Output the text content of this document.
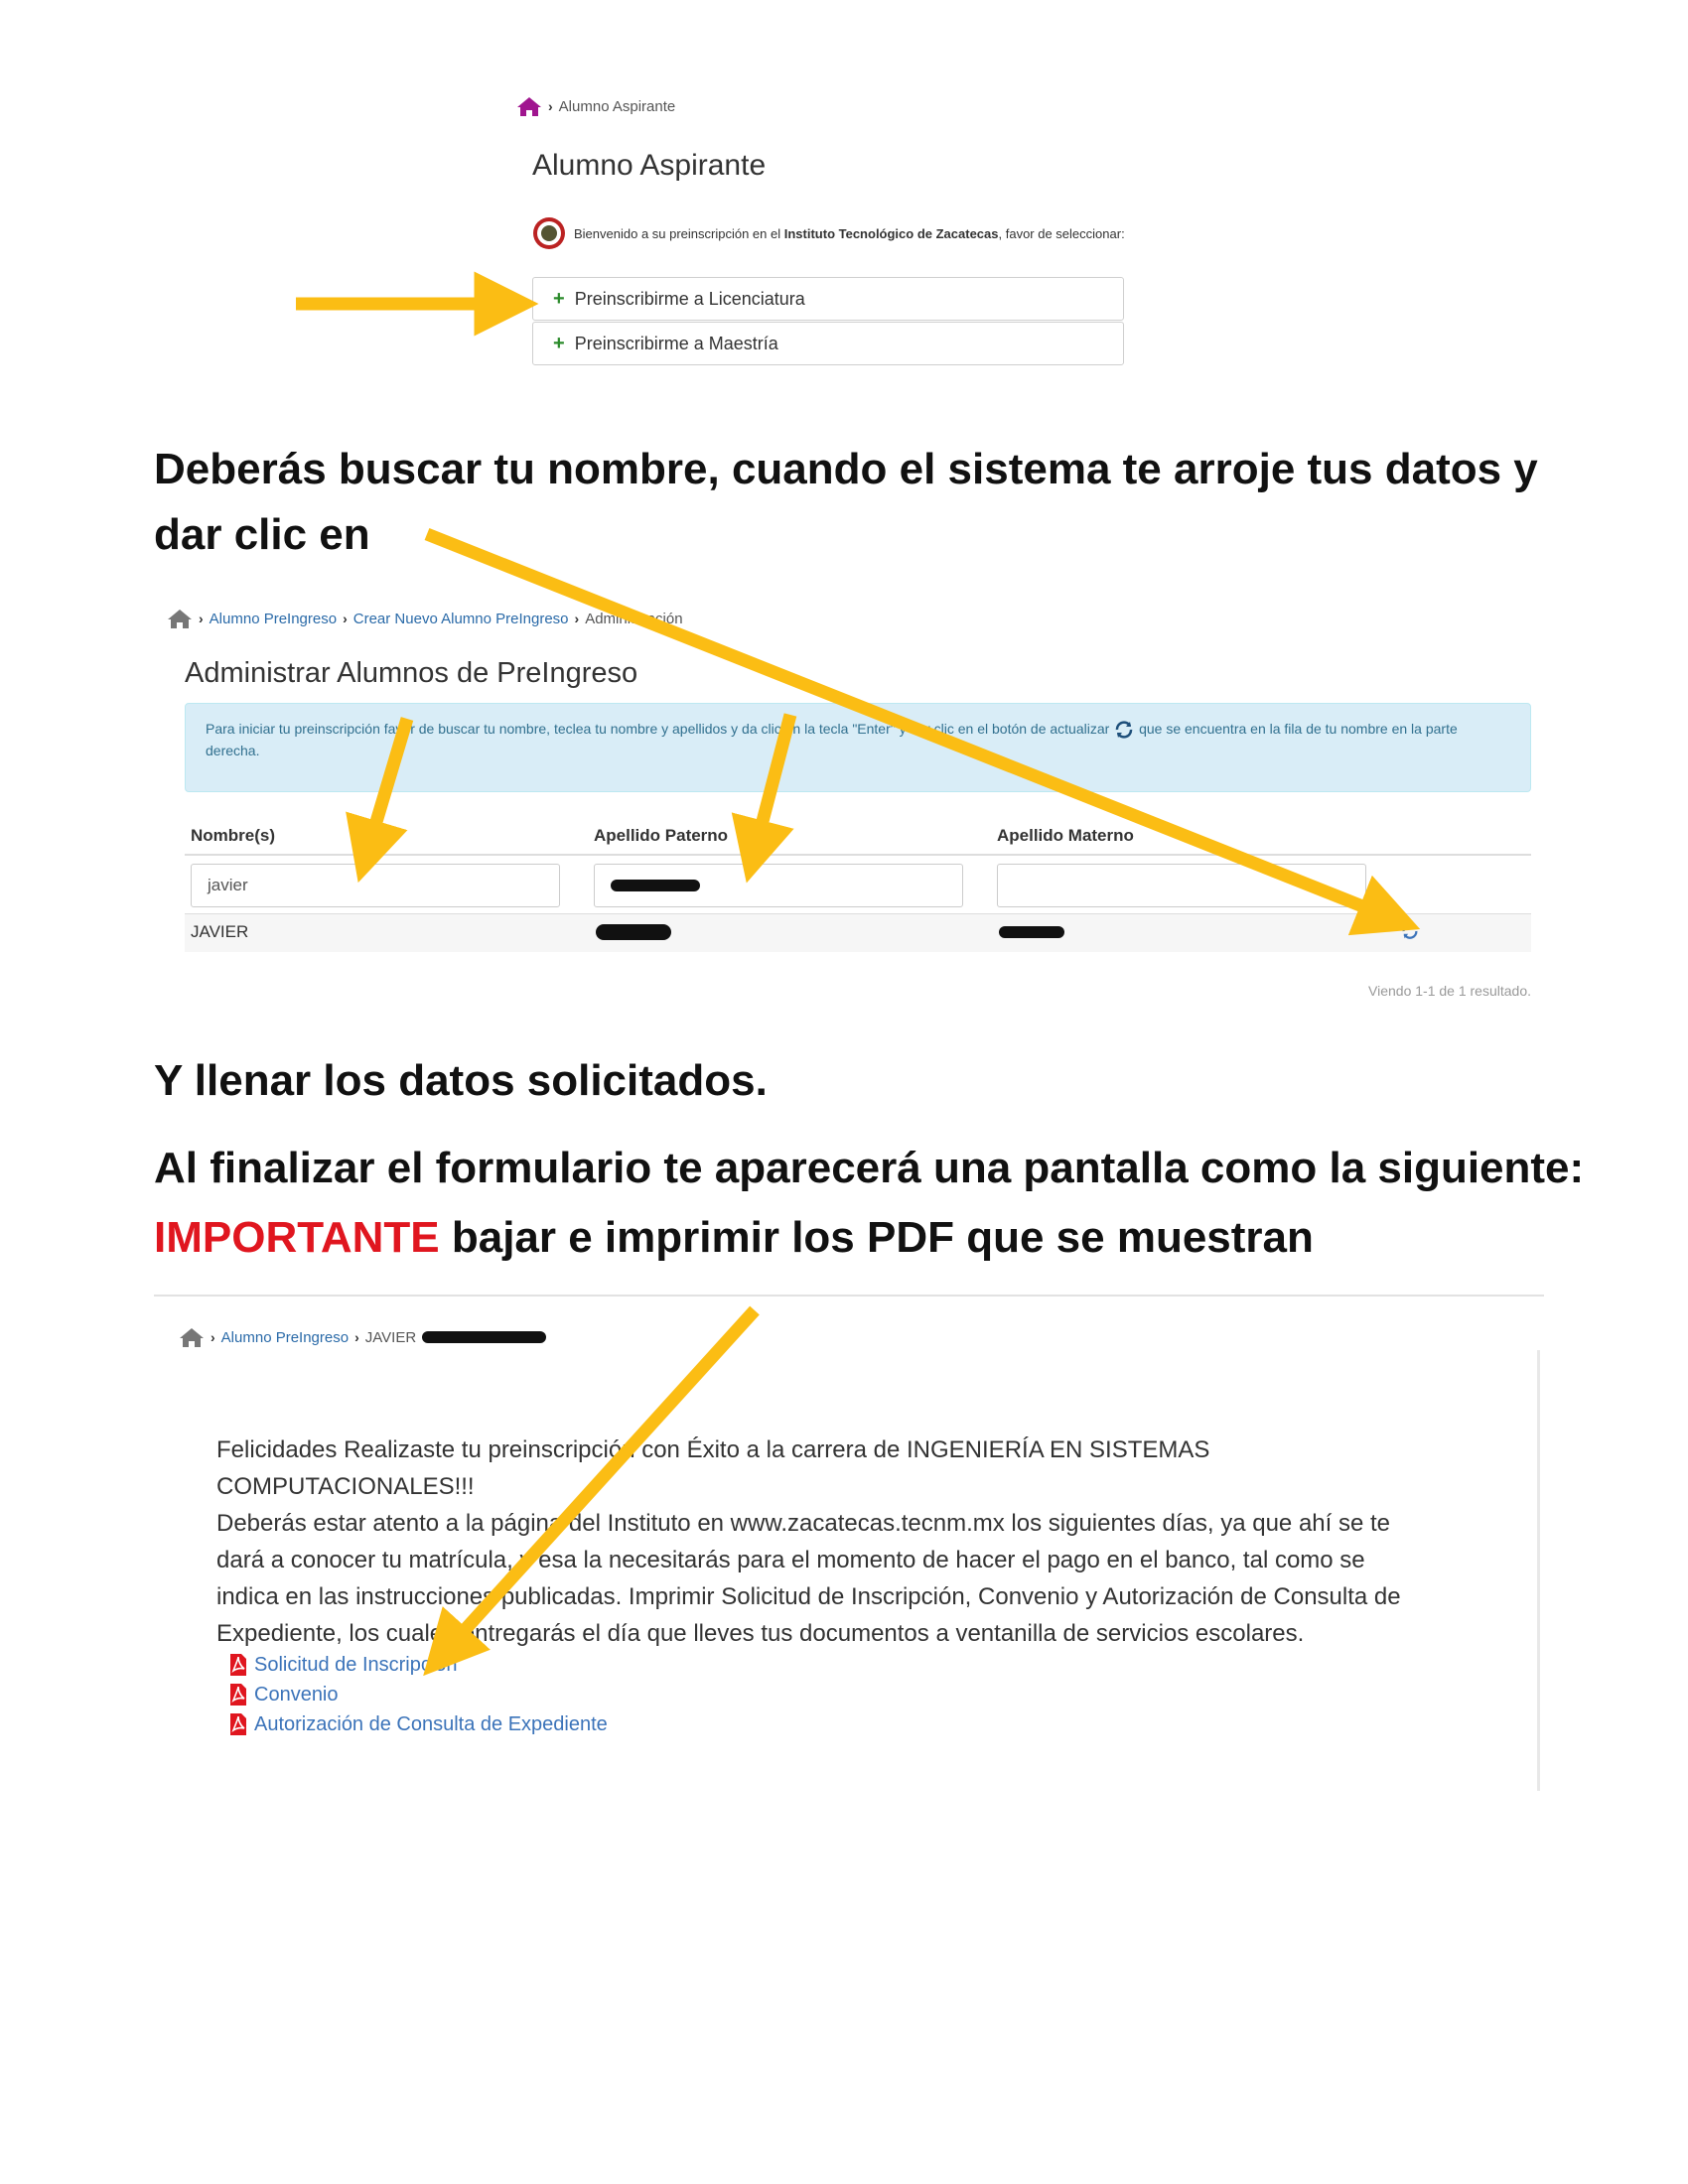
› Alumno Aspirante
Alumno Aspirante
Bienvenido a su preinscripción en el Instituto Tecnológico de Zacatecas, favor de seleccionar:
+ Preinscribirme a Licenciatura
+ Preinscribirme a Maestría
Deberás buscar tu nombre, cuando el sistema te arroje tus datos y dar clic en
› Alumno PreIngreso › Crear Nuevo Alumno PreIngreso › Administración
Administrar Alumnos de PreIngreso
Para iniciar tu preinscripción favor de buscar tu nombre, teclea tu nombre y apellidos y da clic en la tecla "Enter" y dar clic en el botón de actualizar que se encuentra en la fila de tu nombre en la parte derecha.
Nombre(s)	Apellido Paterno	Apellido Materno
javier
JAVIER
Viendo 1-1 de 1 resultado.
Y llenar los datos solicitados.
Al finalizar el formulario te aparecerá una pantalla como la siguiente:
IMPORTANTE bajar e imprimir los PDF que se muestran
› Alumno PreIngreso › JAVIER
Felicidades Realizaste tu preinscripción con Éxito a la carrera de INGENIERÍA EN SISTEMAS
COMPUTACIONALES!!!
Deberás estar atento a la página del Instituto en www.zacatecas.tecnm.mx los siguientes días, ya que ahí se te
dará a conocer tu matrícula, y esa la necesitarás para el momento de hacer el pago en el banco, tal como se
indica en las instrucciones publicadas. Imprimir Solicitud de Inscripción, Convenio y Autorización de Consulta de
Expediente, los cuales entregarás el día que lleves tus documentos a ventanilla de servicios escolares.
Solicitud de Inscripción
Convenio
Autorización de Consulta de Expediente
